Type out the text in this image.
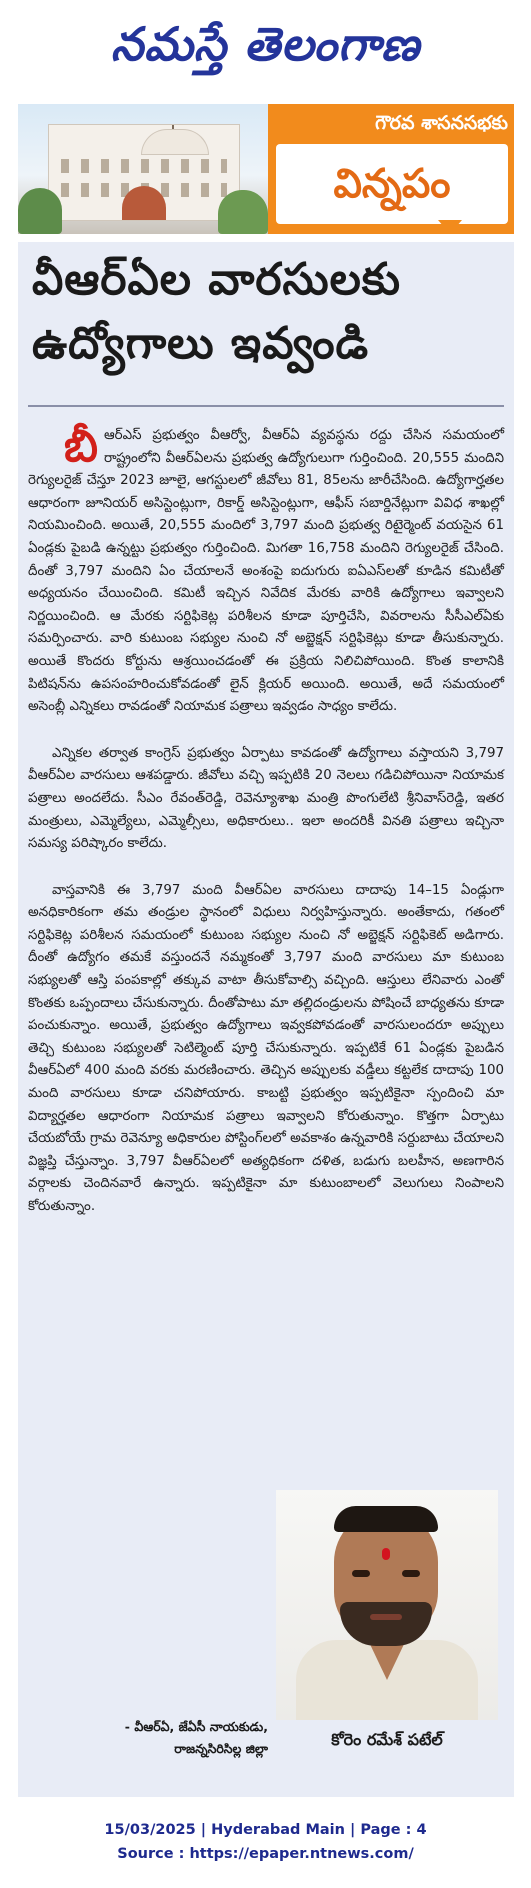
నమస్తే తెలంగాణ
గౌరవ శాసనసభకు
విన్నపం
వీఆర్‌ఏల వారసులకు ఉద్యోగాలు ఇవ్వండి

బీఆర్‌ఎస్ ప్రభుత్వం వీఆర్వో, వీఆర్‌ఏ వ్యవస్థను రద్దు చేసిన సమయంలో రాష్ట్రంలోని వీఆర్‌ఏలను ప్రభుత్వ ఉద్యోగులుగా గుర్తించింది. 20,555 మందిని రెగ్యులరైజ్ చేస్తూ 2023 జూలై, ఆగస్టులలో జీవోలు 81, 85లను జారీచేసింది. ఉద్యోగార్హతల ఆధారంగా జూనియర్ అసిస్టెంట్లుగా, రికార్డ్ అసిస్టెంట్లుగా, ఆఫీస్ సబార్డినేట్లుగా వివిధ శాఖల్లో నియమించింది. అయితే, 20,555 మందిలో 3,797 మంది ప్రభుత్వ రిటైర్మెంట్ వయసైన 61 ఏండ్లకు పైబడి ఉన్నట్టు ప్రభుత్వం గుర్తించింది. మిగతా 16,758 మందిని రెగ్యులరైజ్ చేసింది. దీంతో 3,797 మందిని ఏం చేయాలనే అంశంపై ఐదుగురు ఐఏఎస్‌లతో కూడిన కమిటీతో అధ్యయనం చేయించింది. కమిటీ ఇచ్చిన నివేదిక మేరకు వారికి ఉద్యోగాలు ఇవ్వాలని నిర్ణయించింది. ఆ మేరకు సర్టిఫికెట్ల పరిశీలన కూడా పూర్తిచేసి, వివరాలను సీసీఎల్ఏకు సమర్పించారు. వారి కుటుంబ సభ్యుల నుంచి నో అబ్జెక్షన్ సర్టిఫికెట్లు కూడా తీసుకున్నారు. అయితే కొందరు కోర్టును ఆశ్రయించడంతో ఈ ప్రక్రియ నిలిచిపోయింది. కొంత కాలానికి పిటిషన్‌ను ఉపసంహరించుకోవడంతో లైన్ క్లియర్ అయింది. అయితే, అదే సమయంలో అసెంబ్లీ ఎన్నికలు రావడంతో నియామక పత్రాలు ఇవ్వడం సాధ్యం కాలేదు.

ఎన్నికల తర్వాత కాంగ్రెస్ ప్రభుత్వం ఏర్పాటు కావడంతో ఉద్యోగాలు వస్తాయని 3,797 వీఆర్‌ఏల వారసులు ఆశపడ్డారు. జీవోలు వచ్చి ఇప్పటికి 20 నెలలు గడిచిపోయినా నియామక పత్రాలు అందలేదు. సీఎం రేవంత్‌రెడ్డి, రెవెన్యూశాఖ మంత్రి పొంగులేటి శ్రీనివాస్‌రెడ్డి, ఇతర మంత్రులు, ఎమ్మెల్యేలు, ఎమ్మెల్సీలు, అధికారులు.. ఇలా అందరికీ వినతి పత్రాలు ఇచ్చినా సమస్య పరిష్కారం కాలేదు.

వాస్తవానికి ఈ 3,797 మంది వీఆర్‌ఏల వారసులు దాదాపు 14–15 ఏండ్లుగా అనధికారికంగా తమ తండ్రుల స్థానంలో విధులు నిర్వహిస్తున్నారు. అంతేకాదు, గతంలో సర్టిఫికెట్ల పరిశీలన సమయంలో కుటుంబ సభ్యుల నుంచి నో అబ్జెక్షన్ సర్టిఫికెట్ అడిగారు. దీంతో ఉద్యోగం తమకే వస్తుందనే నమ్మకంతో 3,797 మంది వారసులు మా కుటుంబ సభ్యులతో ఆస్తి పంపకాల్లో తక్కువ వాటా తీసుకోవాల్సి వచ్చింది. ఆస్తులు లేనివారు ఎంతో కొంతకు ఒప్పందాలు చేసుకున్నారు. దీంతోపాటు మా తల్లిదండ్రులను పోషించే బాధ్యతను కూడా పంచుకున్నాం. అయితే, ప్రభుత్వం ఉద్యోగాలు ఇవ్వకపోవడంతో వారసులందరూ అప్పులు తెచ్చి కుటుంబ సభ్యులతో సెటిల్మెంట్ పూర్తి చేసుకున్నారు. ఇప్పటికే 61 ఏండ్లకు పైబడిన వీఆర్‌ఏలో 400 మంది వరకు మరణించారు. తెచ్చిన అప్పులకు వడ్డీలు కట్టలేక దాదాపు 100 మంది వారసులు కూడా చనిపోయారు. కాబట్టి ప్రభుత్వం ఇప్పటికైనా స్పందించి మా విద్యార్హతల ఆధారంగా నియామక పత్రాలు ఇవ్వాలని కోరుతున్నాం. కొత్తగా ఏర్పాటు చేయబోయే గ్రామ రెవెన్యూ అధికారుల పోస్టింగ్‌లలో అవకాశం ఉన్నవారికి సర్దుబాటు చేయాలని విజ్ఞప్తి చేస్తున్నాం. 3,797 వీఆర్‌ఏలలో అత్యధికంగా దళిత, బడుగు బలహీన, అణగారిన వర్గాలకు చెందినవారే ఉన్నారు. ఇప్పటికైనా మా కుటుంబాలలో వెలుగులు నింపాలని కోరుతున్నాం.

- వీఆర్‌ఏ, జేఏసీ నాయకుడు,
రాజన్నసిరిసిల్ల జిల్లా	కోరెం రమేశ్ పటేల్
15/03/2025 | Hyderabad Main | Page : 4
Source : https://epaper.ntnews.com/
